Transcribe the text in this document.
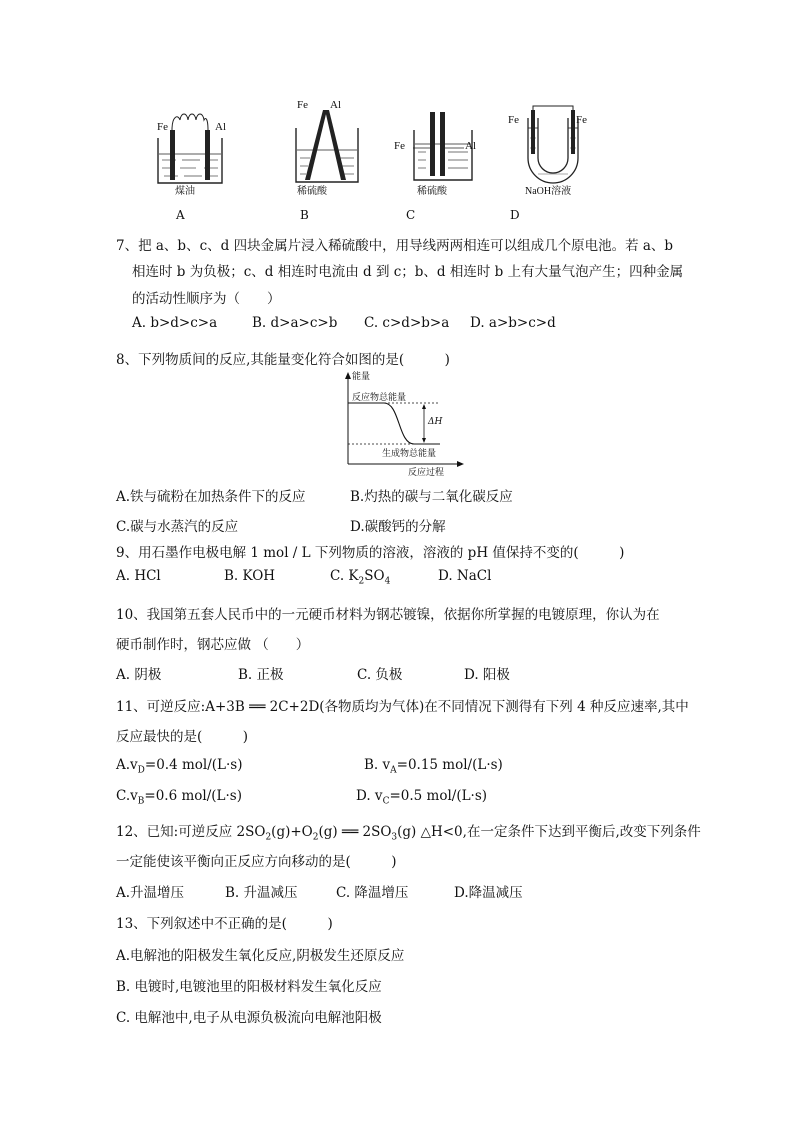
Fe	Al
煤油
A
Fe Al
稀硫酸
B
Fe	Al
稀硫酸
C
Fe	Fe
NaOH溶液
D
7、把 a、b、c、d 四块金属片浸入稀硫酸中，用导线两两相连可以组成几个原电池。若 a、b
相连时 b 为负极；c、d 相连时电流由 d 到 c；b、d 相连时 b 上有大量气泡产生；四种金属
的活动性顺序为（　　）
A. b>d>c>a	B. d>a>c>b C. c>d>b>a D. a>b>c>d
8、下列物质间的反应,其能量变化符合如图的是(　　　)
能量
反应物总能量
ΔH
生成物总能量
反应过程
A.铁与硫粉在加热条件下的反应	B.灼热的碳与二氧化碳反应
C.碳与水蒸汽的反应	D.碳酸钙的分解
9、用石墨作电极电解 1 mol / L 下列物质的溶液，溶液的 pH 值保持不变的(　　　)
A. HCl	B. KOH	C. $K_2SO_4$	D. NaCl
10、我国第五套人民币中的一元硬币材料为钢芯镀镍，依据你所掌握的电镀原理，你认为在
硬币制作时，钢芯应做 （　　）
A. 阴极	B. 正极	C. 负极	D. 阳极
11、可逆反应:A+3B ══ 2C+2D(各物质均为气体)在不同情况下测得有下列 4 种反应速率,其中
反应最快的是(　　　)
$A.v_D=0.4$ mol/(L·s)	B. $v_A=0.15$ mol/(L·s)
$C.v_B=0.6$ mol/(L·s)	D. $v_C=0.5$ mol/(L·s)
12、已知:可逆反应 $2SO_2(g)+O_2(g)$ ══ $2SO_3(g)$ △H<0,在一定条件下达到平衡后,改变下列条件
一定能使该平衡向正反应方向移动的是(　　　)
A.升温增压	B. 升温减压	C. 降温增压	D.降温减压
13、下列叙述中不正确的是(　　　)
A.电解池的阳极发生氧化反应,阴极发生还原反应
B. 电镀时,电镀池里的阳极材料发生氧化反应
C. 电解池中,电子从电源负极流向电解池阳极
